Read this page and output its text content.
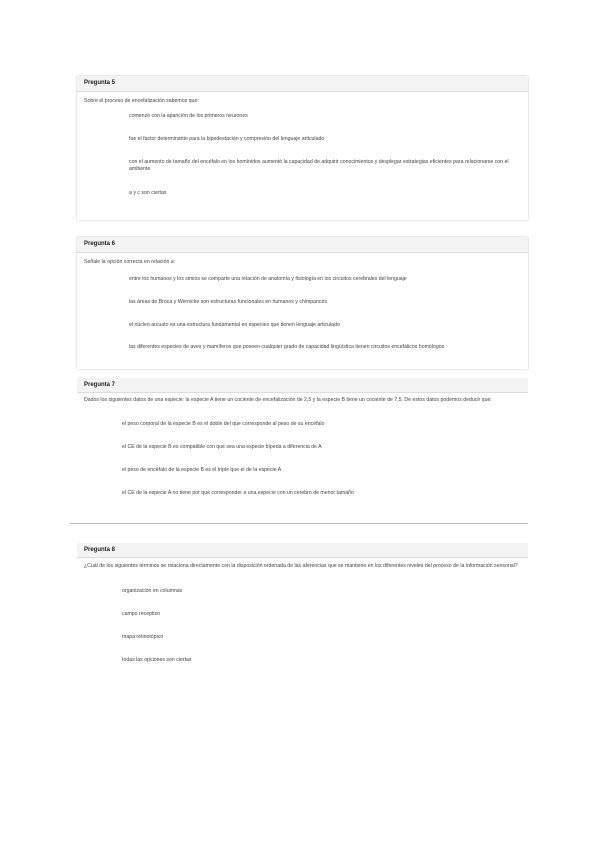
Pregunta 5
Sobre el proceso de encefalización sabemos que:
comenzó con la aparición de los primeros neurones
fue el factor determinante para la bipedestación y compresión del lenguaje articulado
con el aumento de tamaño del encéfalo en los homínidos aumentó la capacidad de adquirir conocimientos y desplegar estrategias eficientes para relacionarse con el ambiente
a y c son ciertas
Pregunta 6
Señale la opción correcta en relación a:
entre los humanos y los simios se comparte una relación de anatomía y fisiología en los circuitos cerebrales del lenguaje
las áreas de Broca y Wernicke son estructuras funcionales en humanos y chimpancés
el núcleo arcuato es una estructura fundamental en especies que tienen lenguaje articulado
las diferentes especies de aves y mamíferos que poseen cualquier grado de capacidad lingüística tienen circuitos encefálicos homólogos
Pregunta 7
Dados los siguientes datos de una especie: la especie A tiene un cociente de encefalización de 2,5 y la especie B tiene un cociente de 7,5. De estos datos podemos deducir que:
el peso corporal de la especie B es el doble del que corresponde al peso de su encéfalo
el CE de la especie B es compatible con que sea una especie bípeda a diferencia de A
el peso de encéfalo de la especie B es el triple que el de la especie A
el CE de la especie A no tiene por qué corresponder a una especie con un cerebro de menor tamaño
Pregunta 8
¿Cuál de los siguientes términos se relaciona directamente con la disposición ordenada de las aferencias que se mantiene en los diferentes niveles del proceso de la información sensorial?
organización en columnas
campo receptivo
mapa retinotópico
todas las opciones son ciertas
